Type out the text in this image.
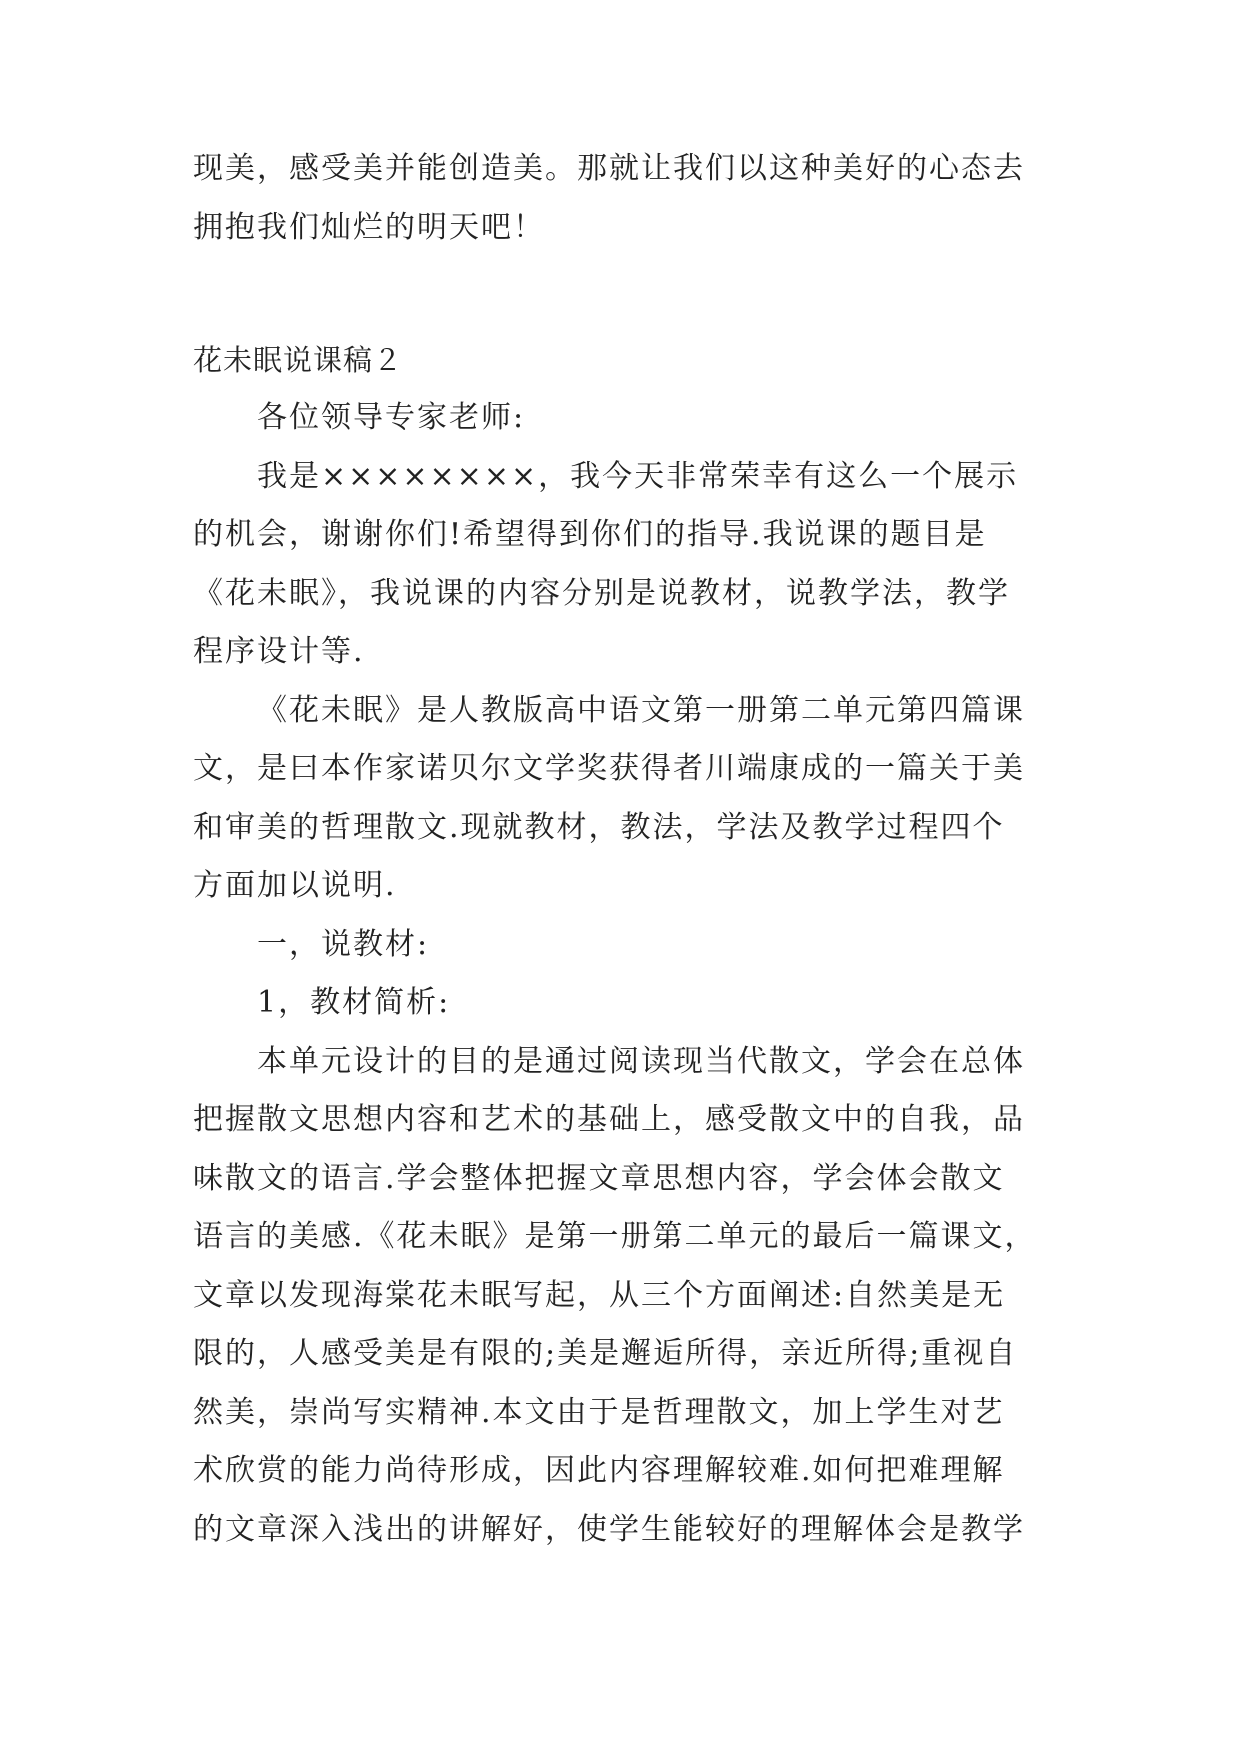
现美，感受美并能创造美。那就让我们以这种美好的心态去
拥抱我们灿烂的明天吧！
花未眠说课稿２
各位领导专家老师:
我是××××××××，我今天非常荣幸有这么一个展示
的机会，谢谢你们!希望得到你们的指导.我说课的题目是
《花未眠》，我说课的内容分别是说教材，说教学法，教学
程序设计等.
《花未眠》是人教版高中语文第一册第二单元第四篇课
文，是曰本作家诺贝尔文学奖获得者川端康成的一篇关于美
和审美的哲理散文.现就教材，教法，学法及教学过程四个
方面加以说明.
一，说教材:
1，教材简析:
本单元设计的目的是通过阅读现当代散文，学会在总体
把握散文思想内容和艺术的基础上，感受散文中的自我，品
味散文的语言.学会整体把握文章思想内容，学会体会散文
语言的美感.《花未眠》是第一册第二单元的最后一篇课文，
文章以发现海棠花未眠写起，从三个方面阐述:自然美是无
限的，人感受美是有限的;美是邂逅所得，亲近所得;重视自
然美，崇尚写实精神.本文由于是哲理散文，加上学生对艺
术欣赏的能力尚待形成，因此内容理解较难.如何把难理解
的文章深入浅出的讲解好，使学生能较好的理解体会是教学
